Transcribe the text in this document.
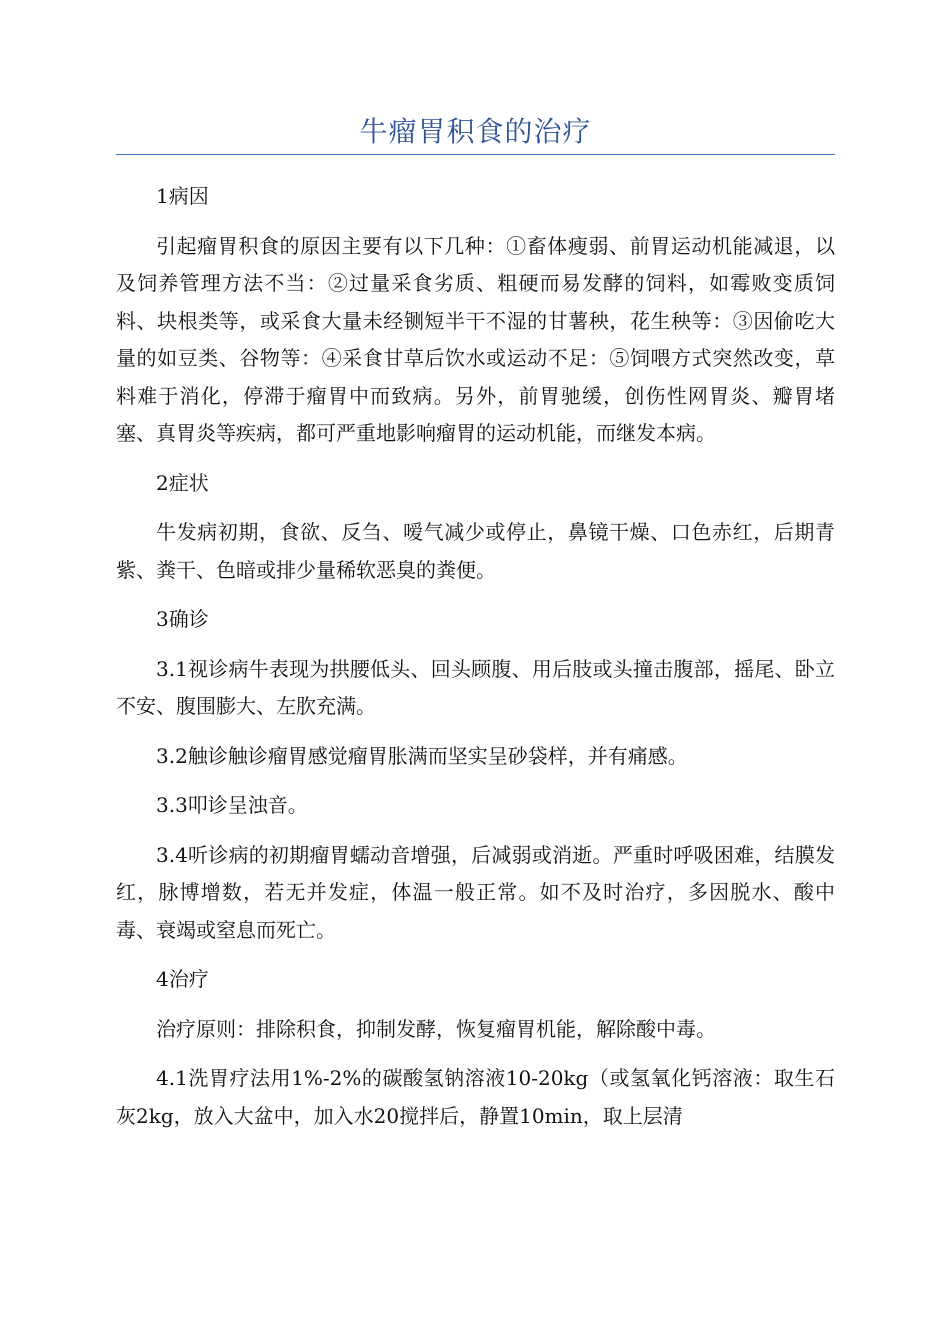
牛瘤胃积食的治疗

1病因

引起瘤胃积食的原因主要有以下几种：①畜体瘦弱、前胃运动机能减退，以及饲养管理方法不当：②过量采食劣质、粗硬而易发酵的饲料，如霉败变质饲料、块根类等，或采食大量未经铡短半干不湿的甘薯秧，花生秧等：③因偷吃大量的如豆类、谷物等：④采食甘草后饮水或运动不足：⑤饲喂方式突然改变，草料难于消化，停滞于瘤胃中而致病。另外，前胃驰缓，创伤性网胃炎、瓣胃堵塞、真胃炎等疾病，都可严重地影响瘤胃的运动机能，而继发本病。

2症状

牛发病初期，食欲、反刍、嗳气减少或停止，鼻镜干燥、口色赤红，后期青紫、粪干、色暗或排少量稀软恶臭的粪便。

3确诊

3.1视诊病牛表现为拱腰低头、回头顾腹、用后肢或头撞击腹部，摇尾、卧立不安、腹围膨大、左肷充满。

3.2触诊触诊瘤胃感觉瘤胃胀满而坚实呈砂袋样，并有痛感。

3.3叩诊呈浊音。

3.4听诊病的初期瘤胃蠕动音增强，后减弱或消逝。严重时呼吸困难，结膜发红，脉博增数，若无并发症，体温一般正常。如不及时治疗，多因脱水、酸中毒、衰竭或窒息而死亡。

4治疗

治疗原则：排除积食，抑制发酵，恢复瘤胃机能，解除酸中毒。

4.1洗胃疗法用1%-2%的碳酸氢钠溶液10-20kg（或氢氧化钙溶液：取生石灰2kg，放入大盆中，加入水20搅拌后，静置10min，取上层清
